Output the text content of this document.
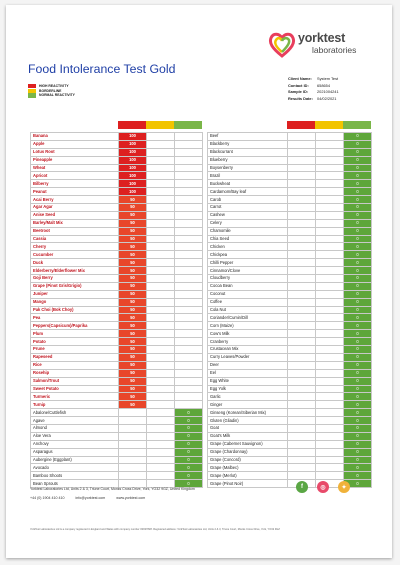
Food Intolerance Test Gold
yorktest
laboratories
HIGH REACTIVITY
BORDERLINE
NORMAL REACTIVITY
Client Name:	System Test
Contact ID:	658654
Sample ID:	2021004241
Results Date:	04/02/2021
Banana	100		
Apple	100		
Lotus Root	100		
Pineapple	100		
Wheat	100		
Apricot	100		
Bilberry	100		
Peanut	100		
Acai Berry	50		
Agar Agar	50		
Anise Seed	50		
Barley/Malt Mix	50		
Beetroot	50		
Cassia	50		
Cherry	50		
Cucumber	50		
Duck	50		
Elderberry/Elderflower Mix	50		
Goji Berry	50		
Grape (Pinot Gris/Grigio)	50		
Juniper	50		
Mango	50		
Pak Choi (Bok Choy)	50		
Pea	50		
Peppers(Capsicum)/Paprika	50		
Plum	50		
Potato	50		
Prune	50		
Rapeseed	50		
Rice	50		
Rosehip	50		
Salmon/Trout	50		
Sweet Potato	50		
Turmeric	50		
Turnip	50		
Abalone/Cuttlefish			0
Agave			0
Almond			0
Aloe Vera			0
Anchovy			0
Asparagus			0
Aubergine (Eggplant)			0
Avocado			0
Bamboo Shoots			0
Bean Sprouts			0
Beef			0
Blackberry			0
Blackcurrant			0
Blueberry			0
Boysenberry			0
Brazil			0
Buckwheat			0
Cardamom/Bay leaf			0
Carob			0
Carrot			0
Cashew			0
Celery			0
Chamomile			0
Chia Seed			0
Chicken			0
Chickpea			0
Chilli Pepper			0
Cinnamon/Clove			0
Cloudberry			0
Cocoa Bean			0
Coconut			0
Coffee			0
Cola Nut			0
Coriander/Cumin/Dill			0
Corn (Maize)			0
Cow's Milk			0
Cranberry			0
Crustacean Mix			0
Curry Leaves/Powder			0
Deer			0
Eel			0
Egg White			0
Egg Yolk			0
Garlic			0
Ginger			0
Ginseng (Korean/Siberian Mix)			0
Gluten (Gliadin)			0
Goat			0
Goat's Milk			0
Grape (Cabernet Sauvignon)			0
Grape (Chardonnay)			0
Grape (Concord)			0
Grape (Malbec)			0
Grape (Merlot)			0
Grape (Pinot Noir)			0
Yorktest Laboratories Ltd, Units 2 & 3, Triune Court, Monks Cross Drive, York, YO32 9GZ, United Kingdom
+44 (0) 1904 410 410	info@yorktest.com	www.yorktest.com
f	◎	✦
YorkTest Laboratories Ltd is a company registered in England and Wales with company number 03937828. Registered address: YorkTest Laboratories Ltd, Units 2 & 3, Triune Court, Monks Cross Drive, York, YO32 9GZ
